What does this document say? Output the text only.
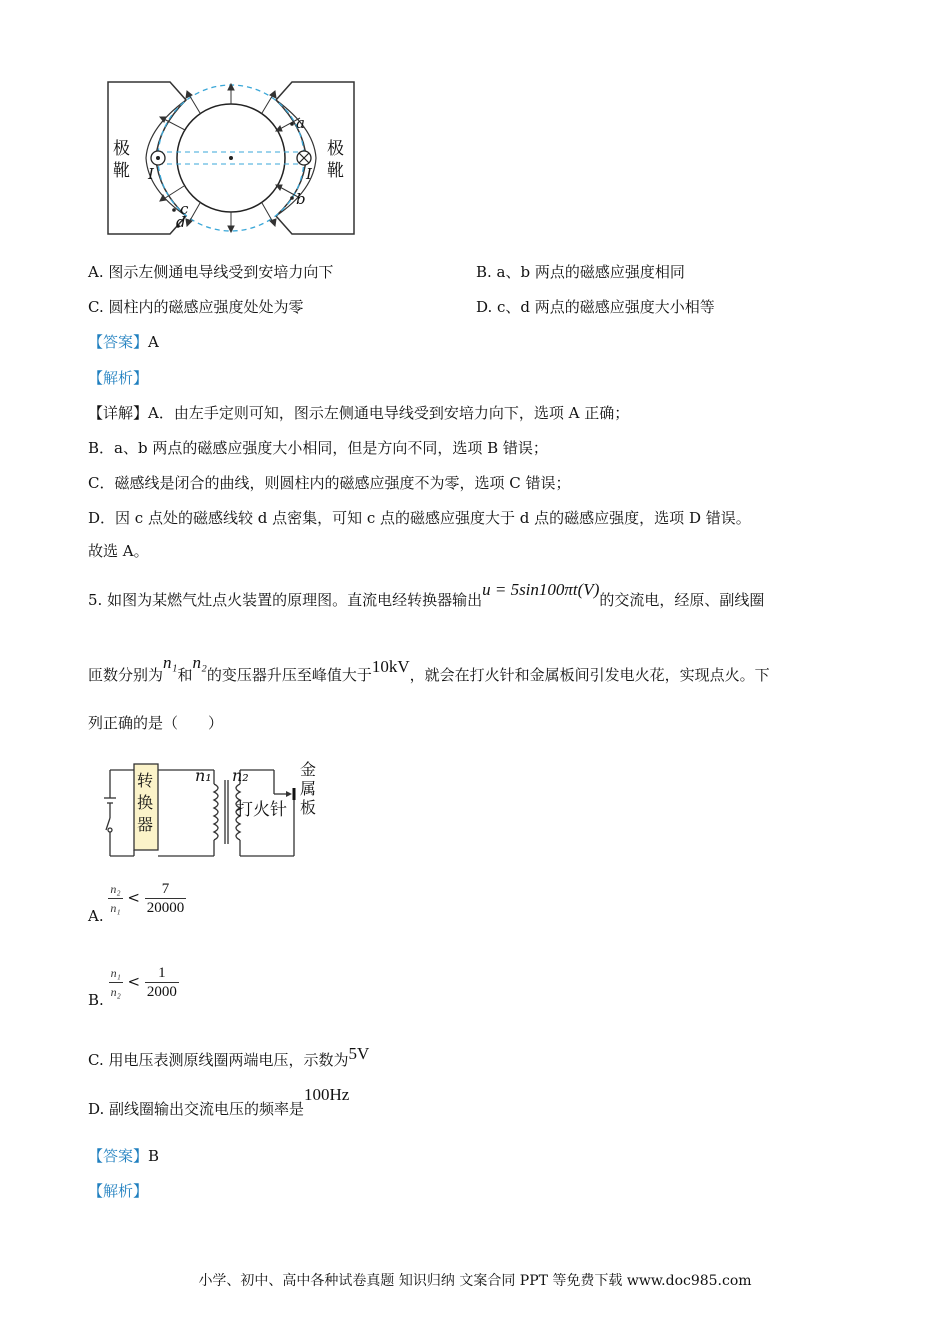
极
靴
极
靴
a
b
c
d
I	I
A. 图示左侧通电导线受到安培力向下	B. a、b 两点的磁感应强度相同
C. 圆柱内的磁感应强度处处为零	D. c、d 两点的磁感应强度大小相等
【答案】A
【解析】
【详解】A．由左手定则可知，图示左侧通电导线受到安培力向下，选项 A 正确；
B．a、b 两点的磁感应强度大小相同，但是方向不同，选项 B 错误；
C．磁感线是闭合的曲线，则圆柱内的磁感应强度不为零，选项 C 错误；
D．因 c 点处的磁感线较 d 点密集，可知 c 点的磁感应强度大于 d 点的磁感应强度，选项 D 错误。
故选 A。
5. 如图为某燃气灶点火装置的原理图。直流电经转换器输出u = 5sin100πt(V)的交流电，经原、副线圈
匝数分别为n₁和n₂的变压器升压至峰值大于10kV，就会在打火针和金属板间引发电火花，实现点火。下
列正确的是（　　）
转
换
器
n₁ n₂
打火针
金
属
板
A. $\frac{\text{n₂}}{\text{n₁}} < \frac{7}{20000}$
B. $\frac{\text{n₁}}{\text{n₂}} < \frac{1}{2000}$
C. 用电压表测原线圈两端电压，示数为5V
D. 副线圈输出交流电压的频率是100Hz
【答案】B
【解析】
小学、初中、高中各种试卷真题 知识归纳 文案合同 PPT 等免费下载 www.doc985.com
